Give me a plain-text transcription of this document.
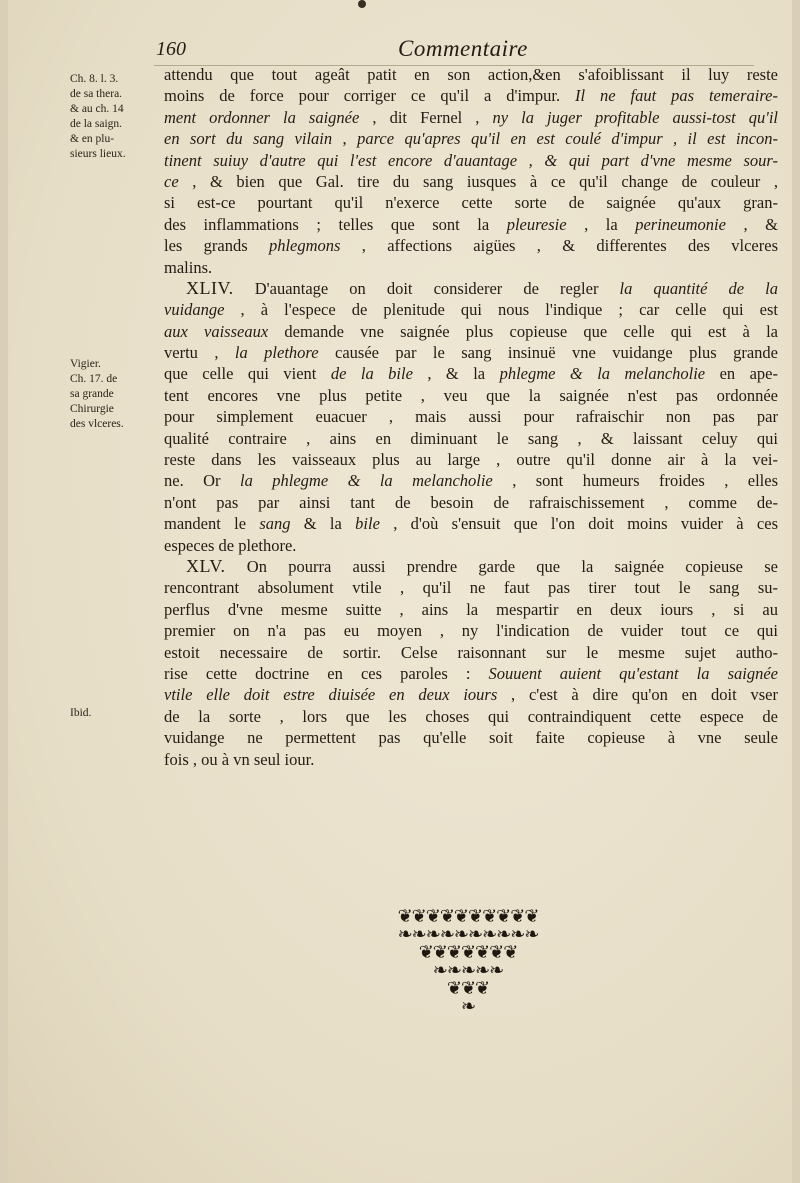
160	Commentaire
Ch. 8. l. 3.
de sa thera.
& au ch. 14
de la saign.
& en plu-
sieurs lieux.
Vigier.
Ch. 17. de
sa grande
Chirurgie
des vlceres.
Ibid.
attendu que tout ageât patit en son action,&en s'afoiblissant il luy reste
moins de force pour corriger ce qu'il a d'impur. Il ne faut pas temeraire-
ment ordonner la saignée , dit Fernel , ny la juger profitable aussi-tost qu'il
en sort du sang vilain , parce qu'apres qu'il en est coulé d'impur , il est incon-
tinent suiuy d'autre qui l'est encore d'auantage , & qui part d'vne mesme sour-
ce , & bien que Gal. tire du sang iusques à ce qu'il change de couleur ,
si est-ce pourtant qu'il n'exerce cette sorte de saignée qu'aux gran-
des inflammations ; telles que sont la pleuresie , la perineumonie , &
les grands phlegmons , affections aigües , & differentes des vlceres
malins.
XLIV. D'auantage on doit considerer de regler la quantité de la
vuidange , à l'espece de plenitude qui nous l'indique ; car celle qui est
aux vaisseaux demande vne saignée plus copieuse que celle qui est à la
vertu , la plethore causée par le sang insinuë vne vuidange plus grande
que celle qui vient de la bile , & la phlegme & la melancholie en ape-
tent encores vne plus petite , veu que la saignée n'est pas ordonnée
pour simplement euacuer , mais aussi pour rafraischir non pas par
qualité contraire , ains en diminuant le sang , & laissant celuy qui
reste dans les vaisseaux plus au large , outre qu'il donne air à la vei-
ne. Or la phlegme & la melancholie , sont humeurs froides , elles
n'ont pas par ainsi tant de besoin de rafraischissement , comme de-
mandent le sang & la bile , d'où s'ensuit que l'on doit moins vuider à ces
especes de plethore.
XLV. On pourra aussi prendre garde que la saignée copieuse se
rencontrant absolument vtile , qu'il ne faut pas tirer tout le sang su-
perflus d'vne mesme suitte , ains la mespartir en deux iours , si au
premier on n'a pas eu moyen , ny l'indication de vuider tout ce qui
estoit necessaire de sortir. Celse raisonnant sur le mesme sujet autho-
rise cette doctrine en ces paroles : Souuent auient qu'estant la saignée
vtile elle doit estre diuisée en deux iours , c'est à dire qu'on en doit vser
de la sorte , lors que les choses qui contraindiquent cette espece de
vuidange ne permettent pas qu'elle soit faite copieuse à vne seule
fois , ou à vn seul iour.
❦❦❦❦❦❦❦❦❦❦
❧❧❧❧❧❧❧❧❧❧
❦❦❦❦❦❦❦
❧❧❧❧❧
❦❦❦
❧
